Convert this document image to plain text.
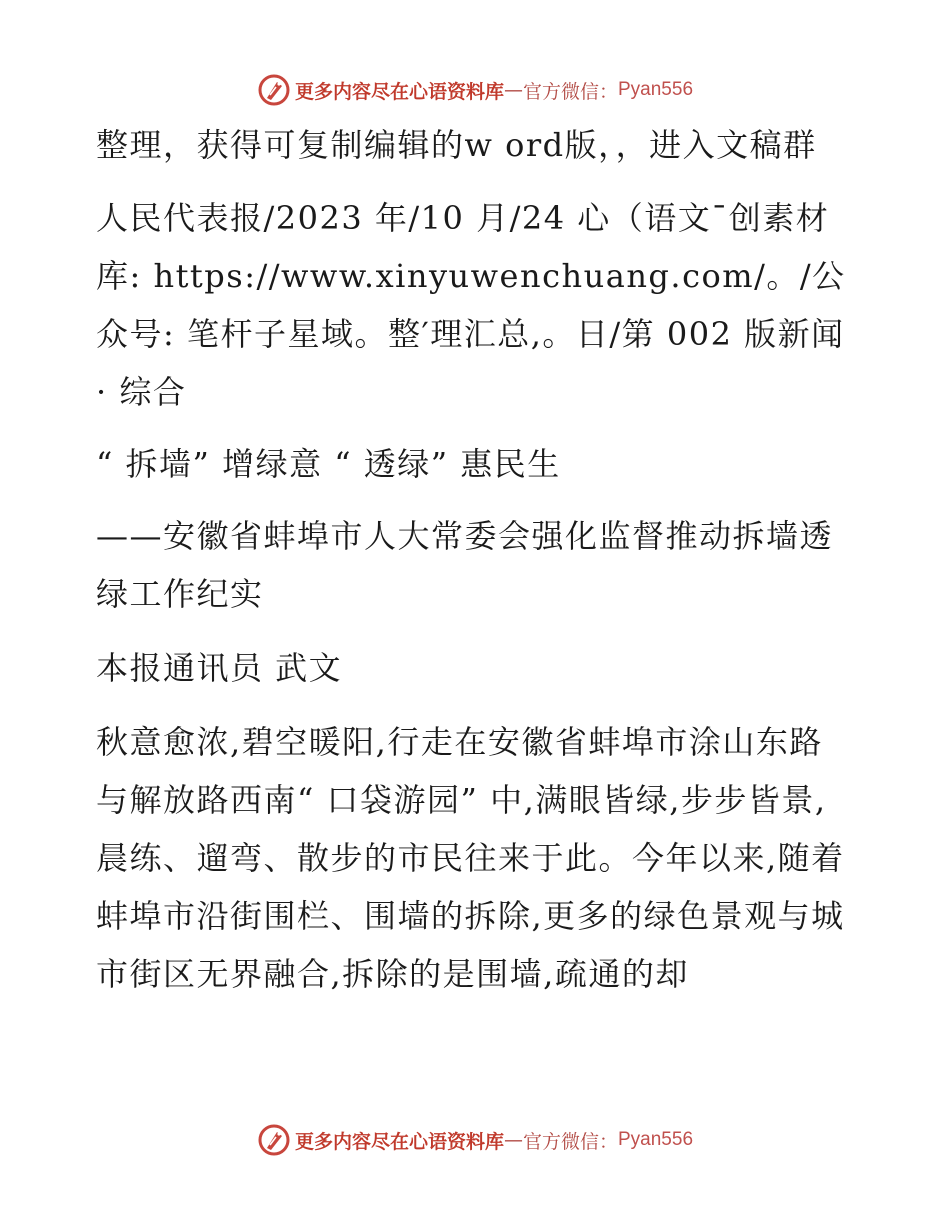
更多内容尽在心语资料库 — 官方微信： Pyan556

整理，获得可复制编辑的w ord版，，进入文稿群

人民代表报/2023 年/10 月/24 心（语文¯创素材库: https://www.xinyuwenchuang.com/。/公众号: 笔杆子星域。整′理汇总,。日/第 002 版新闻 · 综合

“ 拆墙” 增绿意 “ 透绿” 惠民生

——安徽省蚌埠市人大常委会强化监督推动拆墙透绿工作纪实

本报通讯员 武文

秋意愈浓,碧空暖阳,行走在安徽省蚌埠市涂山东路与解放路西南“ 口袋游园” 中,满眼皆绿,步步皆景,晨练、遛弯、散步的市民往来于此。今年以来,随着蚌埠市沿街围栏、围墙的拆除,更多的绿色景观与城市街区无界融合,拆除的是围墙,疏通的却

更多内容尽在心语资料库 — 官方微信： Pyan556
